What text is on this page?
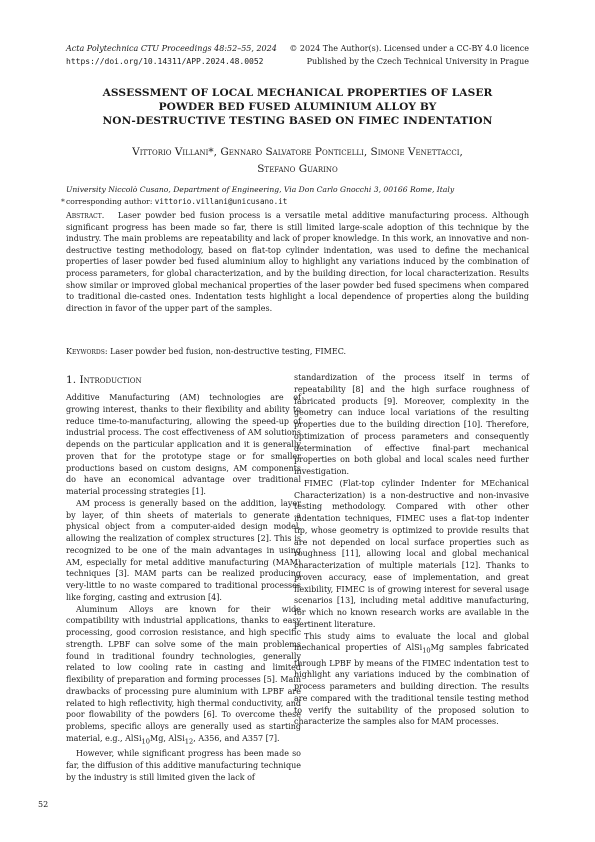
Acta Polytechnica CTU Proceedings 48:52–55, 2024
https://doi.org/10.14311/APP.2024.48.0052
© 2024 The Author(s). Licensed under a CC-BY 4.0 licence
Published by the Czech Technical University in Prague
ASSESSMENT OF LOCAL MECHANICAL PROPERTIES OF LASER
POWDER BED FUSED ALUMINIUM ALLOY BY
NON-DESTRUCTIVE TESTING BASED ON FIMEC INDENTATION
Vittorio Villani*, Gennaro Salvatore Ponticelli, Simone Venettacci,
Stefano Guarino
University Niccolò Cusano, Department of Engineering, Via Don Carlo Gnocchi 3, 00166 Rome, Italy
* corresponding author: vittorio.villani@unicusano.it
Abstract. Laser powder bed fusion process is a versatile metal additive manufacturing process. Although significant progress has been made so far, there is still limited large-scale adoption of this technique by the industry. The main problems are repeatability and lack of proper knowledge. In this work, an innovative and non-destructive testing methodology, based on flat-top cylinder indentation, was used to define the mechanical properties of laser powder bed fused aluminium alloy to highlight any variations induced by the combination of process parameters, for global characterization, and by the building direction, for local characterization. Results show similar or improved global mechanical properties of the laser powder bed fused specimens when compared to traditional die-casted ones. Indentation tests highlight a local dependence of properties along the building direction in favor of the upper part of the samples.
Keywords: Laser powder bed fusion, non-destructive testing, FIMEC.
1. Introduction

Additive Manufacturing (AM) technologies are of growing interest, thanks to their flexibility and ability to reduce time-to-manufacturing, allowing the speed-up of industrial process. The cost effectiveness of AM solutions depends on the particular application and it is generally proven that for the prototype stage or for smaller productions based on custom designs, AM components do have an economical advantage over traditional material processing strategies [1].

AM process is generally based on the addition, layer by layer, of thin sheets of materials to generate a physical object from a computer-aided design model, allowing the realization of complex structures [2]. This is recognized to be one of the main advantages in using AM, especially for metal additive manufacturing (MAM) techniques [3]. MAM parts can be realized producing very-little to no waste compared to traditional processes like forging, casting and extrusion [4].

Aluminum Alloys are known for their wide compatibility with industrial applications, thanks to easy processing, good corrosion resistance, and high specific strength. LPBF can solve some of the main problems found in traditional foundry technologies, generally related to low cooling rate in casting and limited flexibility of preparation and forming processes [5]. Main drawbacks of processing pure aluminium with LPBF are related to high reflectivity, high thermal conductivity, and poor flowability of the powders [6]. To overcome these problems, specific alloys are generally used as starting material, e.g., AlSi$_{10}$Mg, AlSi$_{12}$, A356, and A357 [7].

However, while significant progress has been made so far, the diffusion of this additive manufacturing technique by the industry is still limited given the lack of

standardization of the process itself in terms of repeatability [8] and the high surface roughness of fabricated products [9]. Moreover, complexity in the geometry can induce local variations of the resulting properties due to the building direction [10]. Therefore, optimization of process parameters and consequently determination of effective final-part mechanical properties on both global and local scales need further investigation.

FIMEC (Flat-top cylinder Indenter for MEchanical Characterization) is a non-destructive and non-invasive testing methodology. Compared with other other indentation techniques, FIMEC uses a flat-top indenter tip, whose geometry is optimized to provide results that are not depended on local surface properties such as roughness [11], allowing local and global mechanical characterization of multiple materials [12]. Thanks to proven accuracy, ease of implementation, and great flexibility, FIMEC is of growing interest for several usage scenarios [13], including metal additive manufacturing, for which no known research works are available in the pertinent literature.

This study aims to evaluate the local and global mechanical properties of AlSi$_{10}$Mg samples fabricated through LPBF by means of the FIMEC indentation test to highlight any variations induced by the combination of process parameters and building direction. The results are compared with the traditional tensile testing method to verify the suitability of the proposed solution to characterize the samples also for MAM processes.

52
